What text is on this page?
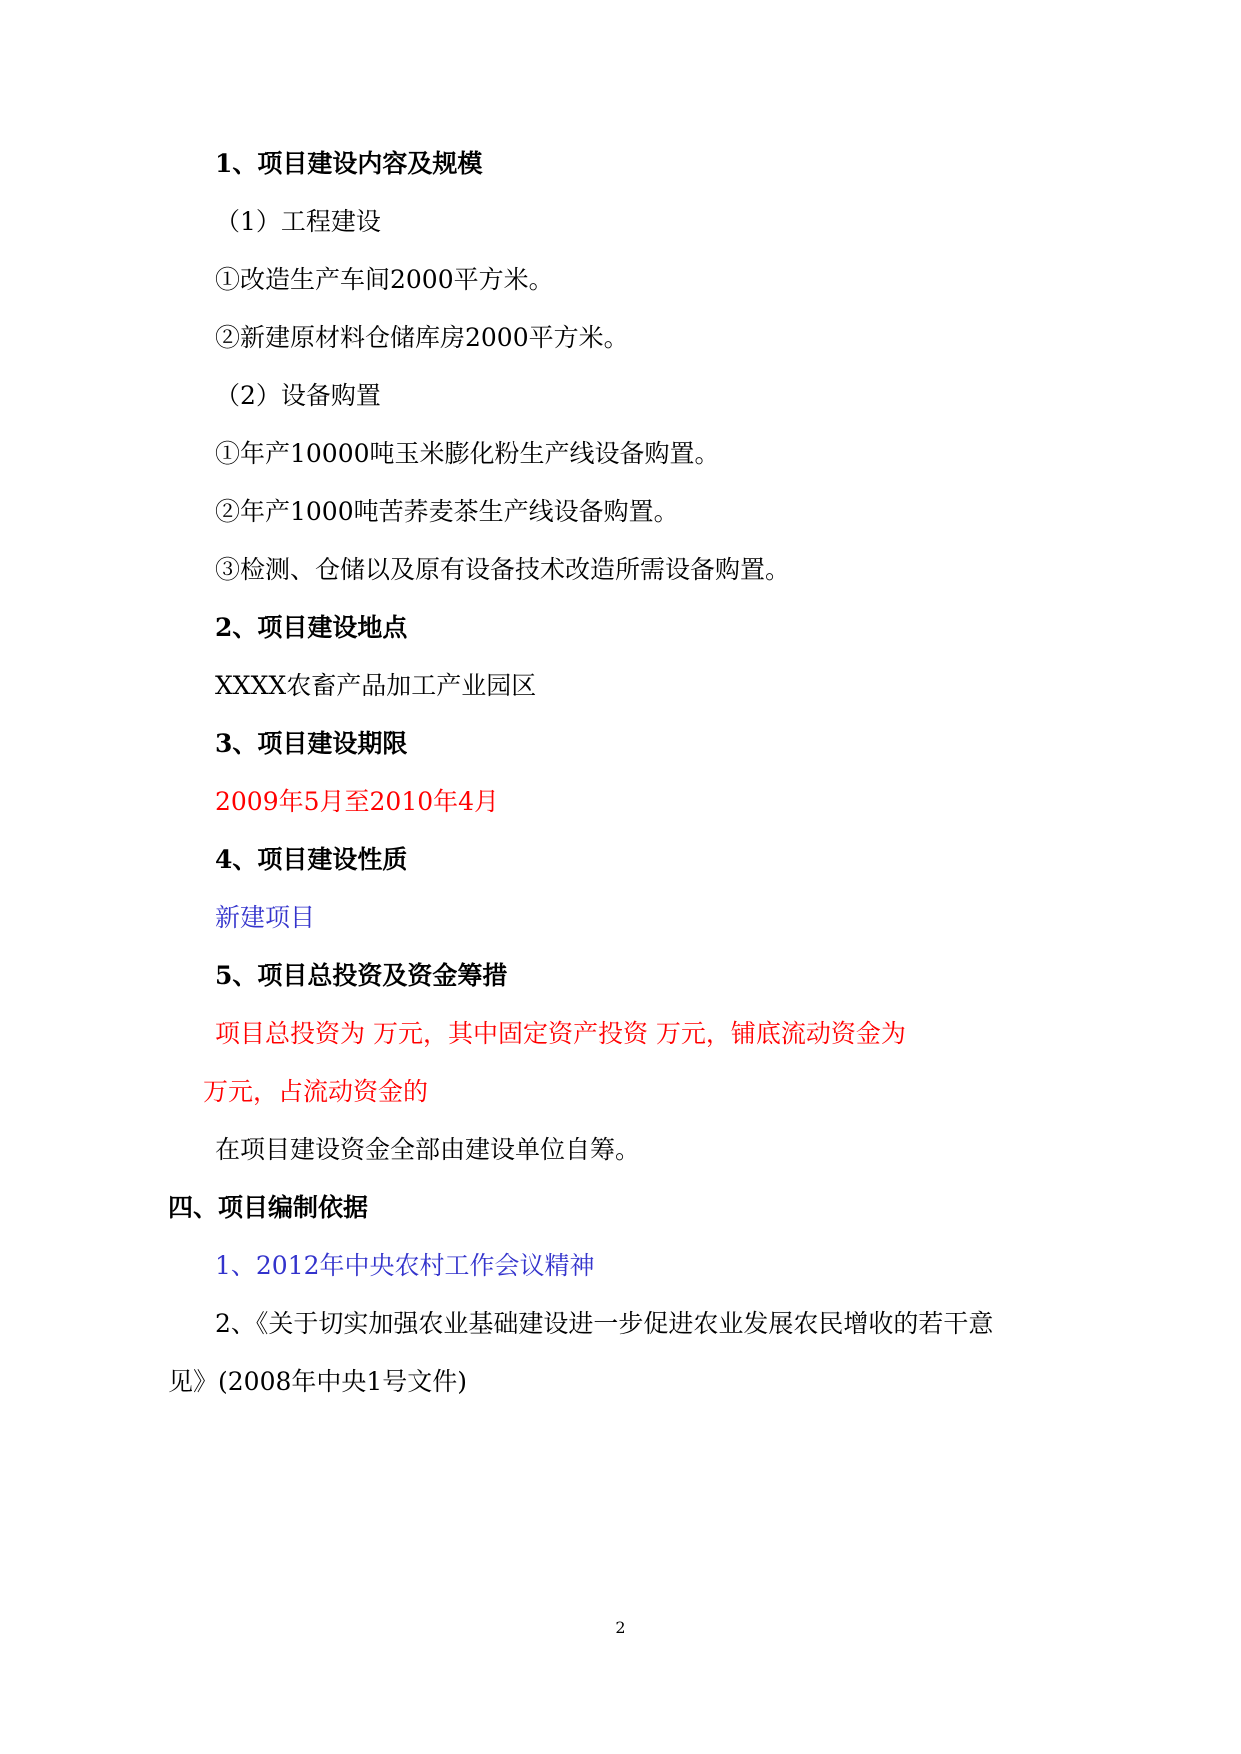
1、项目建设内容及规模
（1）工程建设
①改造生产车间2000平方米。
②新建原材料仓储库房2000平方米。
（2）设备购置
①年产10000吨玉米膨化粉生产线设备购置。
②年产1000吨苦荞麦茶生产线设备购置。
③检测、仓储以及原有设备技术改造所需设备购置。
2、项目建设地点
XXXX农畜产品加工产业园区
3、项目建设期限
2009年5月至2010年4月
4、项目建设性质
新建项目
5、项目总投资及资金筹措
项目总投资为 万元，其中固定资产投资 万元，铺底流动资金为
万元，占流动资金的
在项目建设资金全部由建设单位自筹。
四、项目编制依据
1、2012年中央农村工作会议精神
2、《关于切实加强农业基础建设进一步促进农业发展农民增收的若干意
见》(2008年中央1号文件)
2
